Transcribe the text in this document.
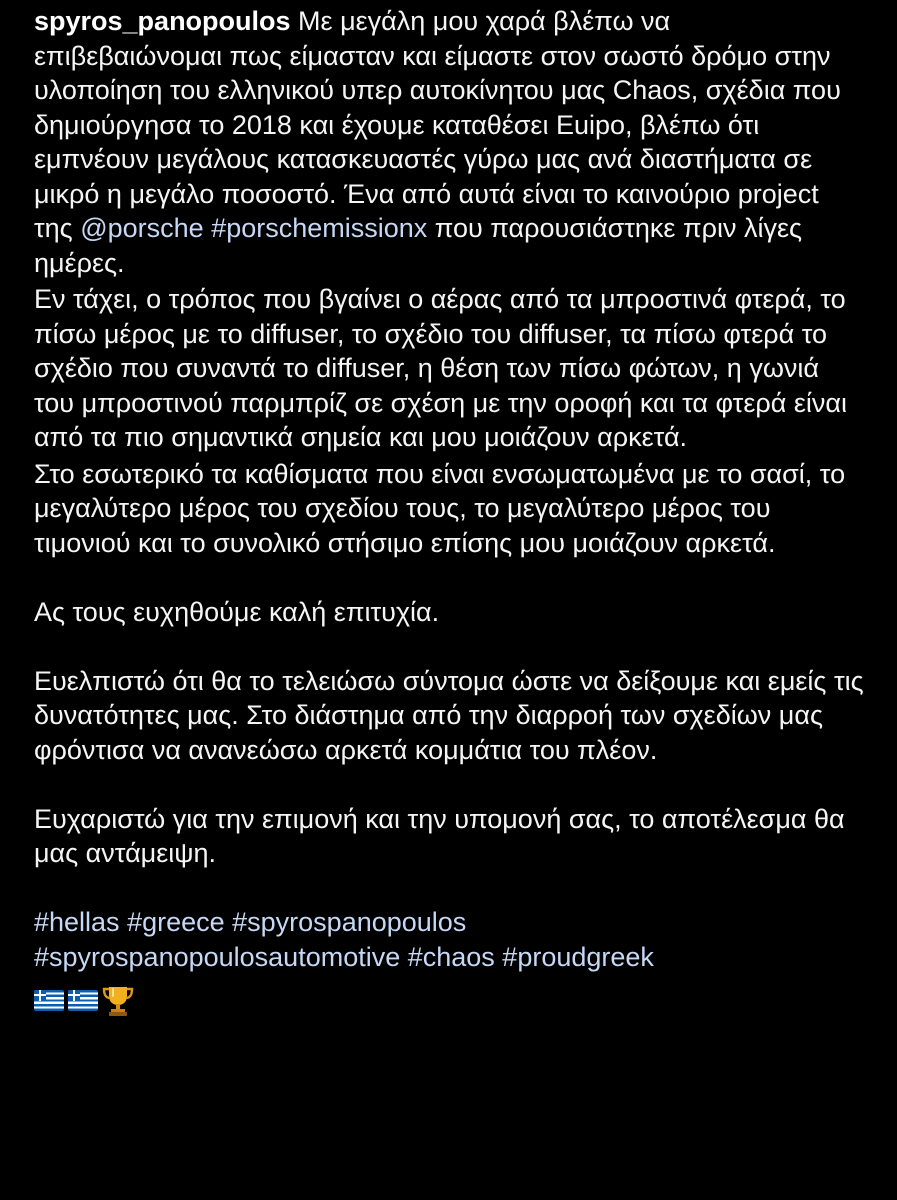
spyros_panopoulos Με μεγάλη μου χαρά βλέπω να επιβεβαιώνομαι πως είμασταν και είμαστε στον σωστό δρόμο στην υλοποίηση του ελληνικού υπερ αυτοκίνητου μας Chaos, σχέδια που δημιούργησα το 2018 και έχουμε καταθέσει Euipo, βλέπω ότι εμπνέουν μεγάλους κατασκευαστές γύρω μας ανά διαστήματα σε μικρό η μεγάλο ποσοστό. Ένα από αυτά είναι το καινούριο project της @porsche #porschemissionx που παρουσιάστηκε πριν λίγες ημέρες.

Εν τάχει, ο τρόπος που βγαίνει ο αέρας από τα μπροστινά φτερά, το πίσω μέρος με το diffuser, το σχέδιο του diffuser, τα πίσω φτερά το σχέδιο που συναντά το diffuser, η θέση των πίσω φώτων, η γωνιά του μπροστινού παρμπρίζ σε σχέση με την οροφή και τα φτερά είναι από τα πιο σημαντικά σημεία και μου μοιάζουν αρκετά.

Στο εσωτερικό τα καθίσματα που είναι ενσωματωμένα με το σασί, το μεγαλύτερο μέρος του σχεδίου τους, το μεγαλύτερο μέρος του τιμονιού και το συνολικό στήσιμο επίσης μου μοιάζουν αρκετά.

Ας τους ευχηθούμε καλή επιτυχία.

Ευελπιστώ ότι θα το τελειώσω σύντομα ώστε να δείξουμε και εμείς τις δυνατότητες μας. Στο διάστημα από την διαρροή των σχεδίων μας φρόντισα να ανανεώσω αρκετά κομμάτια του πλέον.

Ευχαριστώ για την επιμονή και την υπομονή σας, το αποτέλεσμα θα μας αντάμειψη.

#hellas #greece #spyrospanopoulos

#spyrospanopoulosautomotive #chaos #proudgreek
